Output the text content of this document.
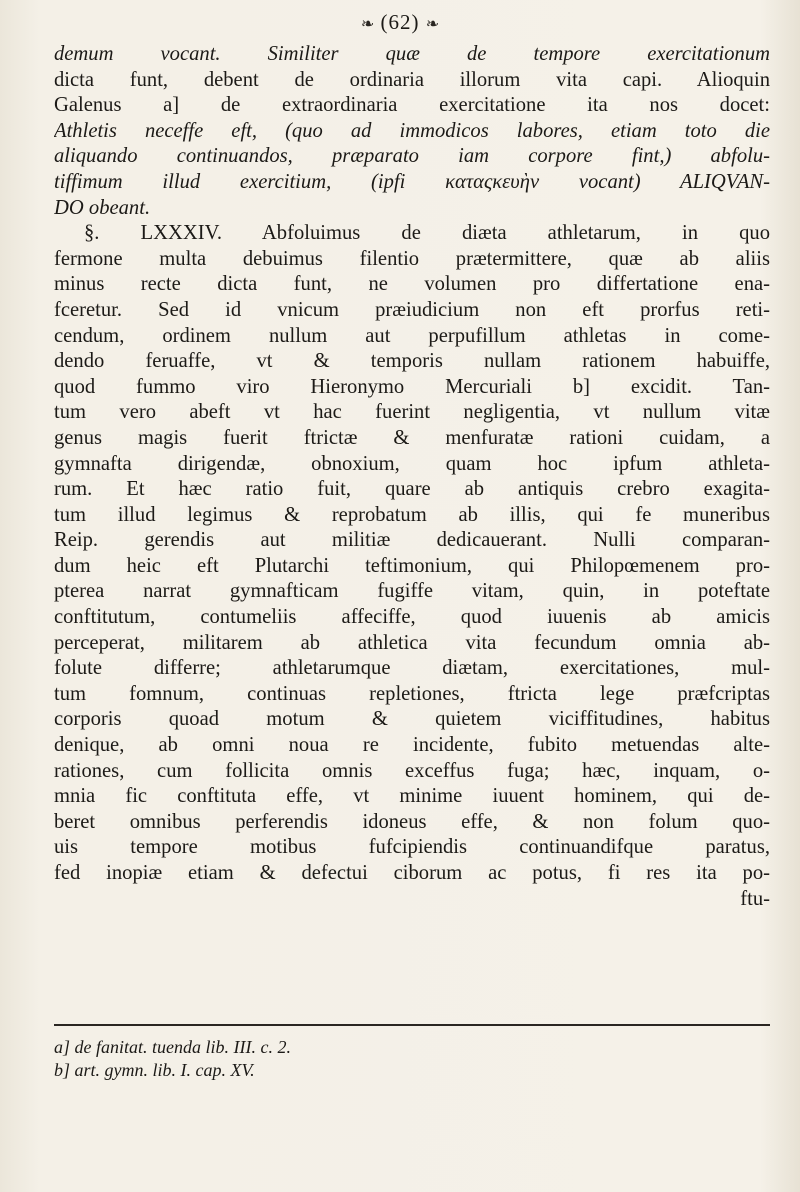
❧ (62) ❧
demum vocant. Similiter quæ de tempore exercitationum
dicta funt, debent de ordinaria illorum vita capi. Alioquin
Galenus a] de extraordinaria exercitatione ita nos docet:
Athletis neceffe eft, (quo ad immodicos labores, etiam toto die
aliquando continuandos, præparato iam corpore fint,) abfolu-
tiffimum illud exercitium, (ipfi καταςκευὴν vocant) ALIQVAN-
DO obeant.
§. LXXXIV. Abfoluimus de diæta athletarum, in quo
fermone multa debuimus filentio prætermittere, quæ ab aliis
minus recte dicta funt, ne volumen pro differtatione ena-
fceretur. Sed id vnicum præiudicium non eft prorfus reti-
cendum, ordinem nullum aut perpufillum athletas in come-
dendo feruaffe, vt & temporis nullam rationem habuiffe,
quod fummo viro Hieronymo Mercuriali b] excidit. Tan-
tum vero abeft vt hac fuerint negligentia, vt nullum vitæ
genus magis fuerit ftrictæ & menfuratæ rationi cuidam, a
gymnafta dirigendæ, obnoxium, quam hoc ipfum athleta-
rum. Et hæc ratio fuit, quare ab antiquis crebro exagita-
tum illud legimus & reprobatum ab illis, qui fe muneribus
Reip. gerendis aut militiæ dedicauerant. Nulli comparan-
dum heic eft Plutarchi teftimonium, qui Philopœmenem pro-
pterea narrat gymnafticam fugiffe vitam, quin, in poteftate
conftitutum, contumeliis affeciffe, quod iuuenis ab amicis
perceperat, militarem ab athletica vita fecundum omnia ab-
folute differre; athletarumque diætam, exercitationes, mul-
tum fomnum, continuas repletiones, ftricta lege præfcriptas
corporis quoad motum & quietem viciffitudines, habitus
denique, ab omni noua re incidente, fubito metuendas alte-
rationes, cum follicita omnis exceffus fuga; hæc, inquam, o-
mnia fic conftituta effe, vt minime iuuent hominem, qui de-
beret omnibus perferendis idoneus effe, & non folum quo-
uis tempore motibus fufcipiendis continuandifque paratus,
fed inopiæ etiam & defectui ciborum ac potus, fi res ita po-
ftu-
a] de fanitat. tuenda lib. III. c. 2.
b] art. gymn. lib. I. cap. XV.
